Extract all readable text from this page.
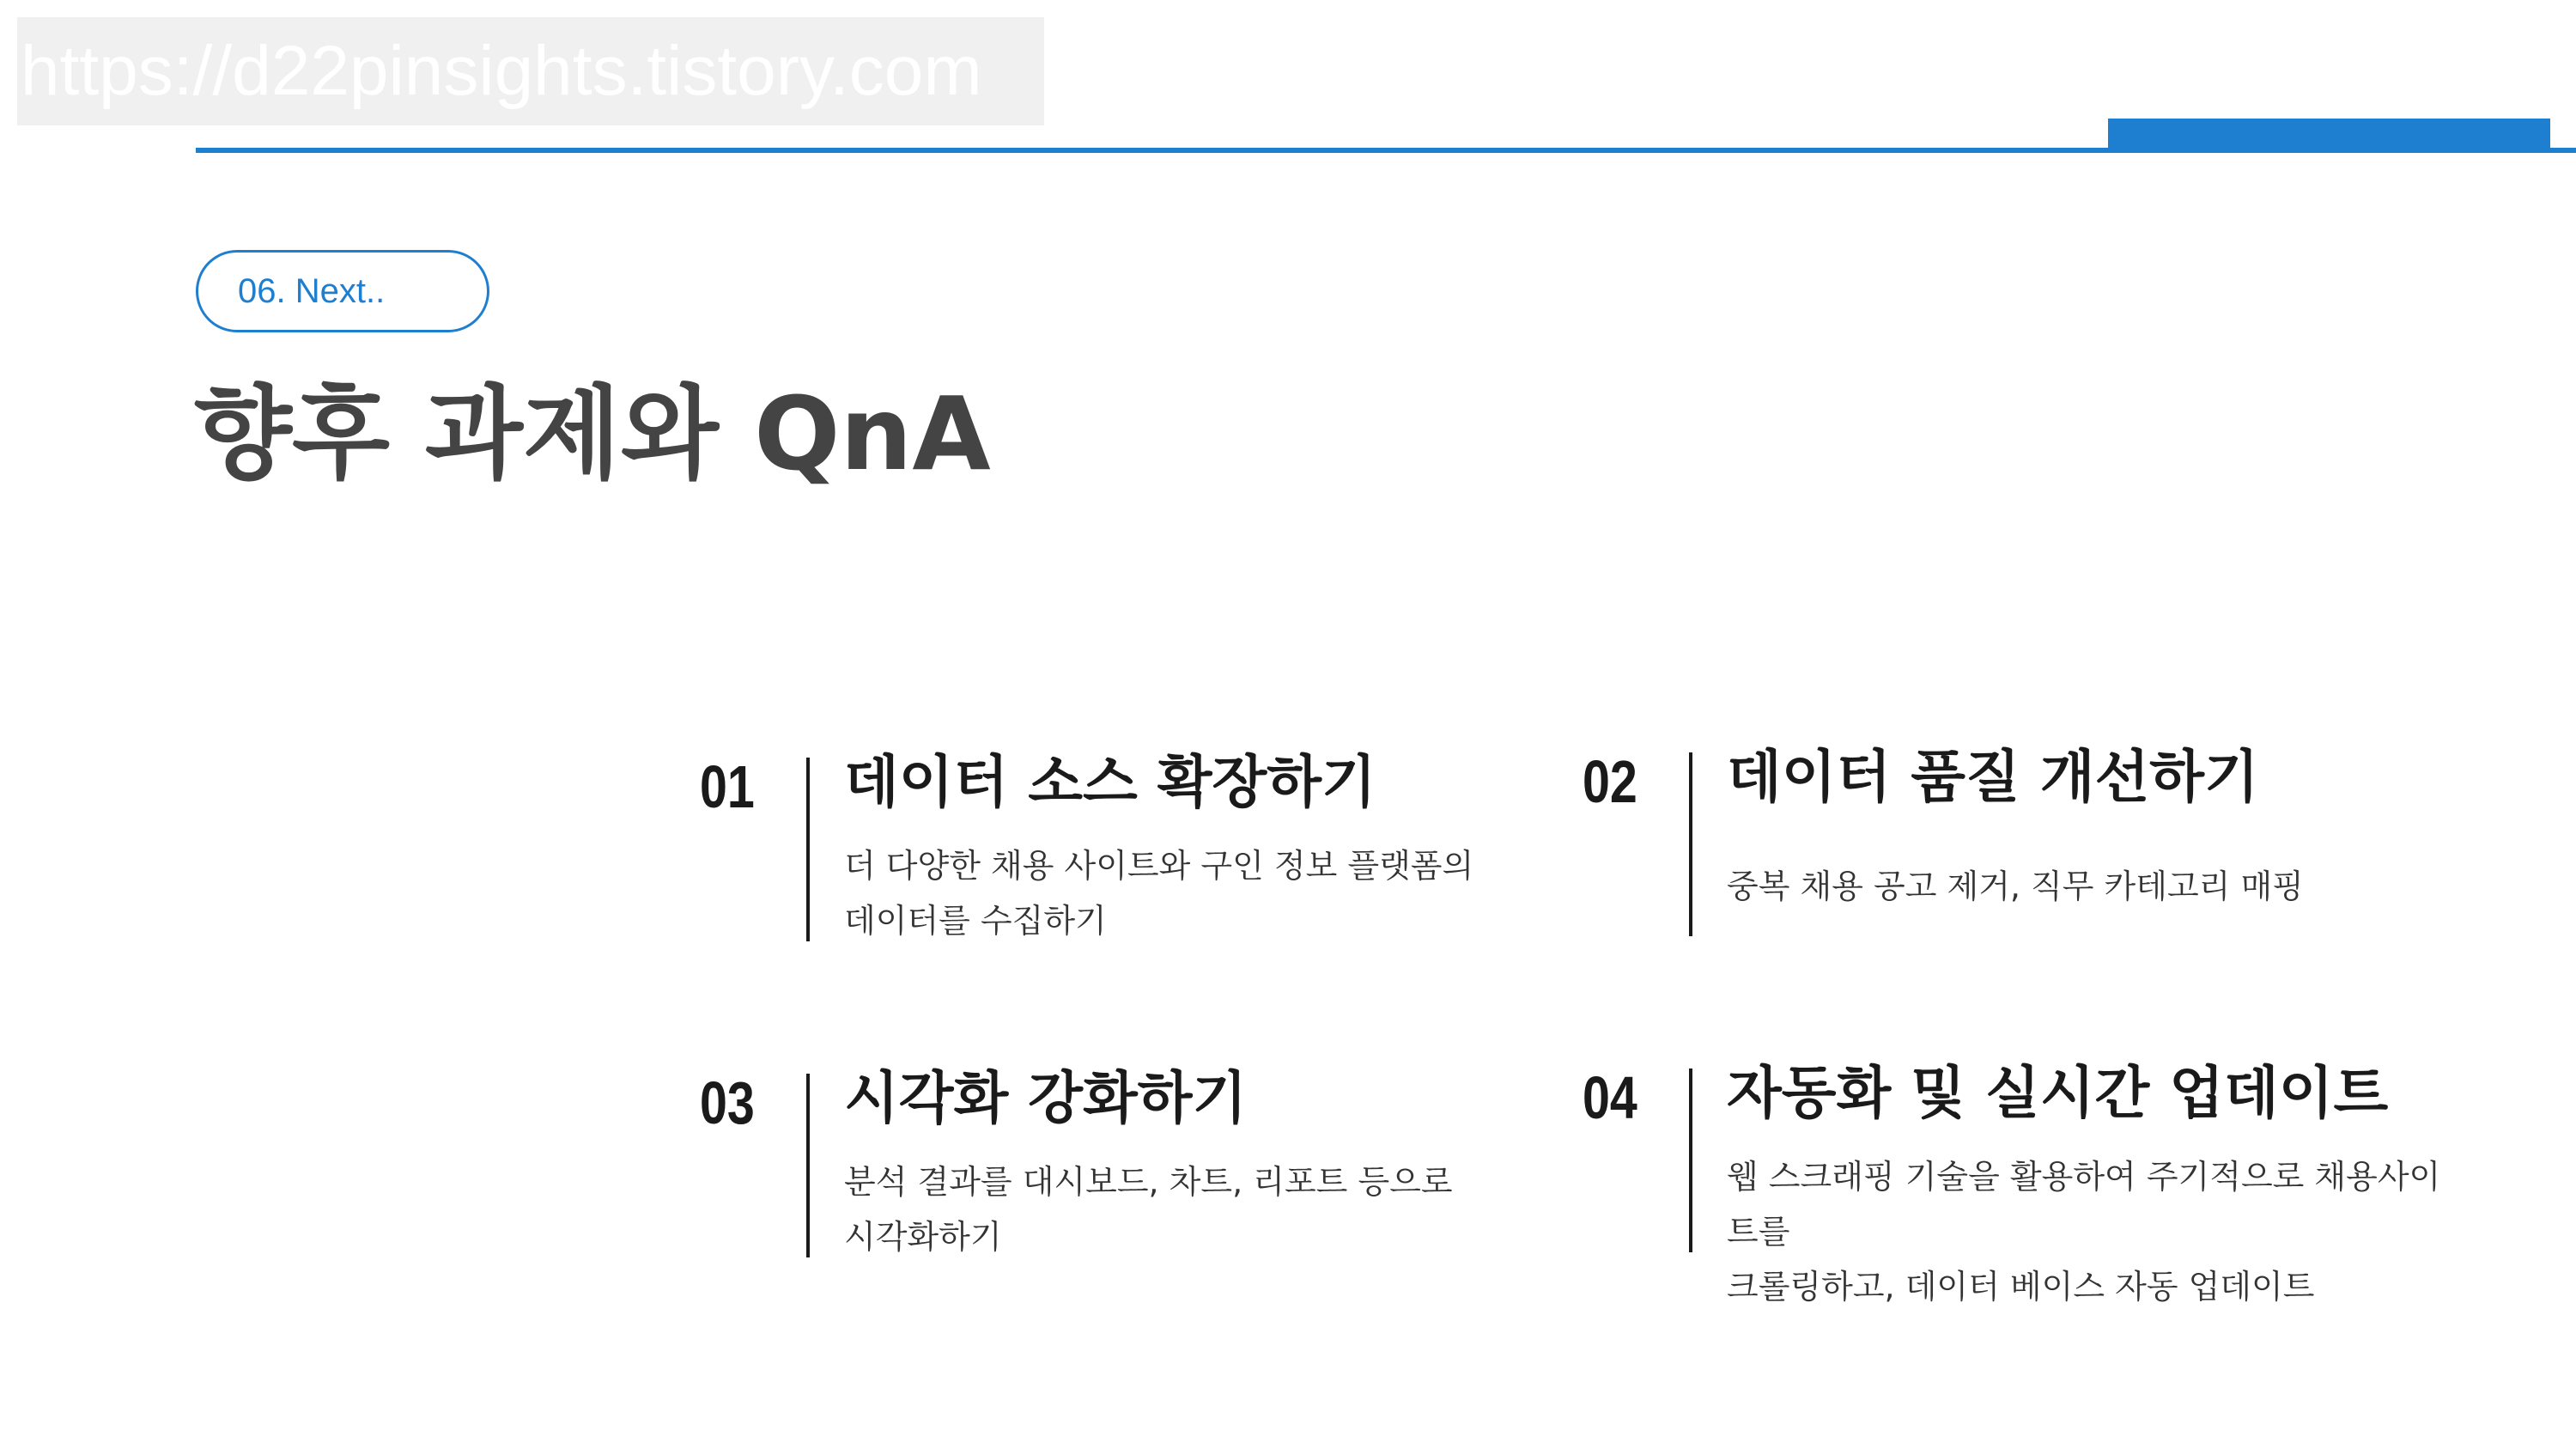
https://d22pinsights.tistory.com
06. Next..
향후 과제와 QnA
01 데이터 소스 확장하기
더 다양한 채용 사이트와 구인 정보 플랫폼의
데이터를 수집하기
02 데이터 품질 개선하기
중복 채용 공고 제거, 직무 카테고리 매핑
03 시각화 강화하기
분석 결과를 대시보드, 차트, 리포트 등으로
시각화하기
04 자동화 및 실시간 업데이트
웹 스크래핑 기술을 활용하여 주기적으로 채용사이트를
크롤링하고, 데이터 베이스 자동 업데이트
